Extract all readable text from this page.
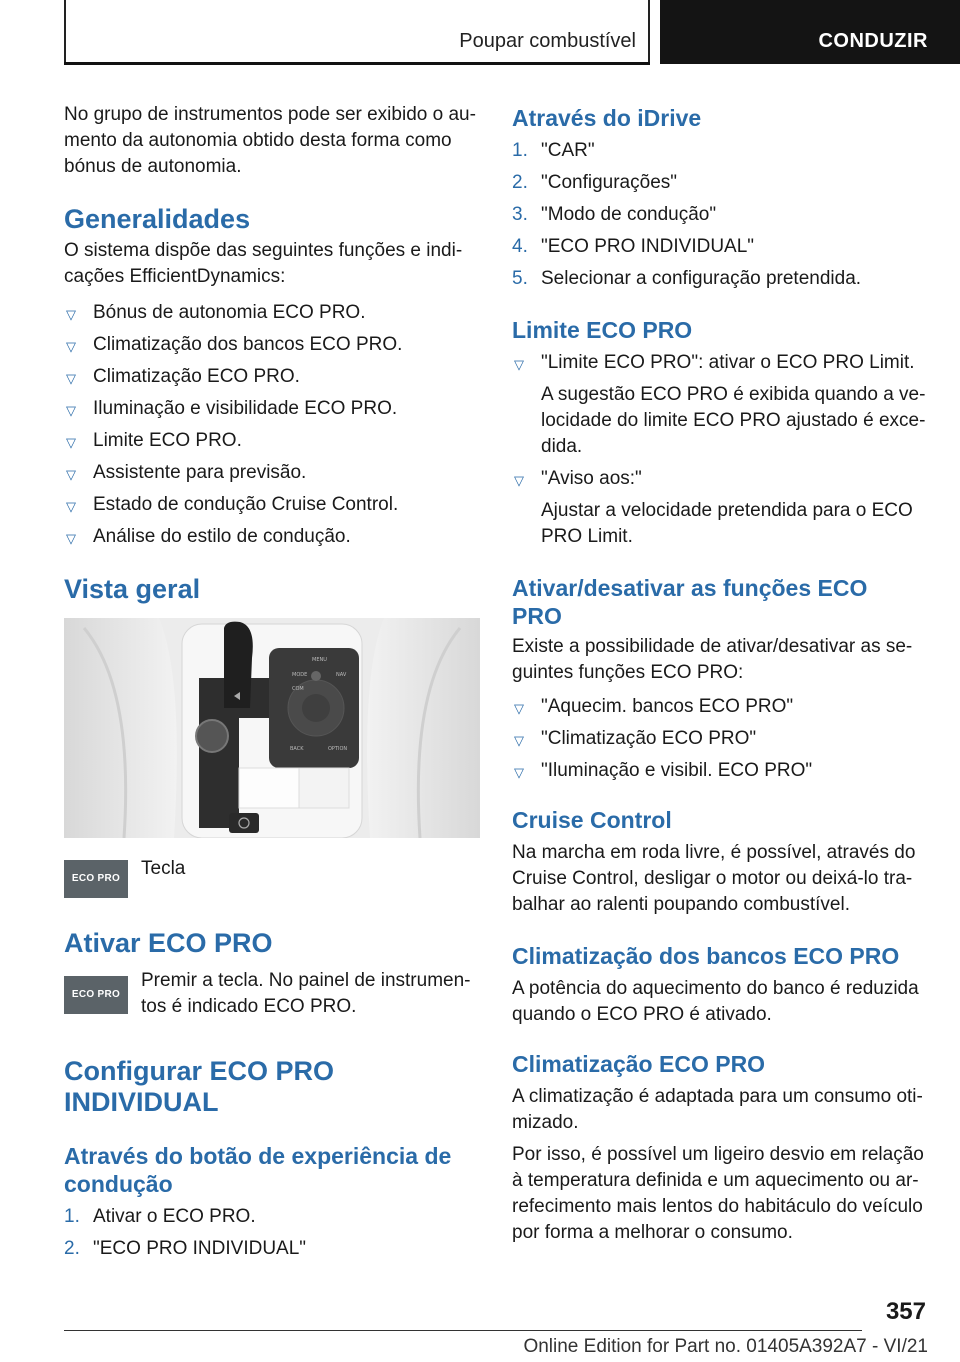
Poupar combustível	CONDUZIR

No grupo de instrumentos pode ser exibido o au‐

mento da autonomia obtido desta forma como

bónus de autonomia.

Generalidades

O sistema dispõe das seguintes funções e indi‐

cações EfficientDynamics:

▽ Bónus de autonomia ECO PRO.
▽ Climatização dos bancos ECO PRO.
▽ Climatização ECO PRO.
▽ Iluminação e visibilidade ECO PRO.
▽ Limite ECO PRO.
▽ Assistente para previsão.
▽ Estado de condução Cruise Control.
▽ Análise do estilo de condução.
Vista geral
MODE
MENU
NAV
COM
BACK	OPTION
ECO PRO	Tecla

Ativar ECO PRO
ECO PRO

Premir a tecla. No painel de instrumen‐

tos é indicado ECO PRO.

Configurar ECO PRO
INDIVIDUAL
Através do botão de experiência de
condução
1. Ativar o ECO PRO.
2. "ECO PRO INDIVIDUAL"
Através do iDrive
1. "CAR"
2. "Configurações"
3. "Modo de condução"
4. "ECO PRO INDIVIDUAL"
5. Selecionar a configuração pretendida.
Limite ECO PRO
▽ "Limite ECO PRO": ativar o ECO PRO Limit.

A sugestão ECO PRO é exibida quando a ve‐

locidade do limite ECO PRO ajustado é exce‐

dida.

▽ "Aviso aos:"

Ajustar a velocidade pretendida para o ECO

PRO Limit.

Ativar/desativar as funções ECO
PRO

Existe a possibilidade de ativar/desativar as se‐

guintes funções ECO PRO:

▽ "Aquecim. bancos ECO PRO"
▽ "Climatização ECO PRO"
▽ "Iluminação e visibil. ECO PRO"
Cruise Control

Na marcha em roda livre, é possível, através do

Cruise Control, desligar o motor ou deixá-lo tra‐

balhar ao ralenti poupando combustível.

Climatização dos bancos ECO PRO

A potência do aquecimento do banco é reduzida

quando o ECO PRO é ativado.

Climatização ECO PRO

A climatização é adaptada para um consumo oti‐

mizado.

Por isso, é possível um ligeiro desvio em relação

à temperatura definida e um aquecimento ou ar‐

refecimento mais lentos do habitáculo do veículo

por forma a melhorar o consumo.

357
Online Edition for Part no. 01405A392A7 - VI/21
